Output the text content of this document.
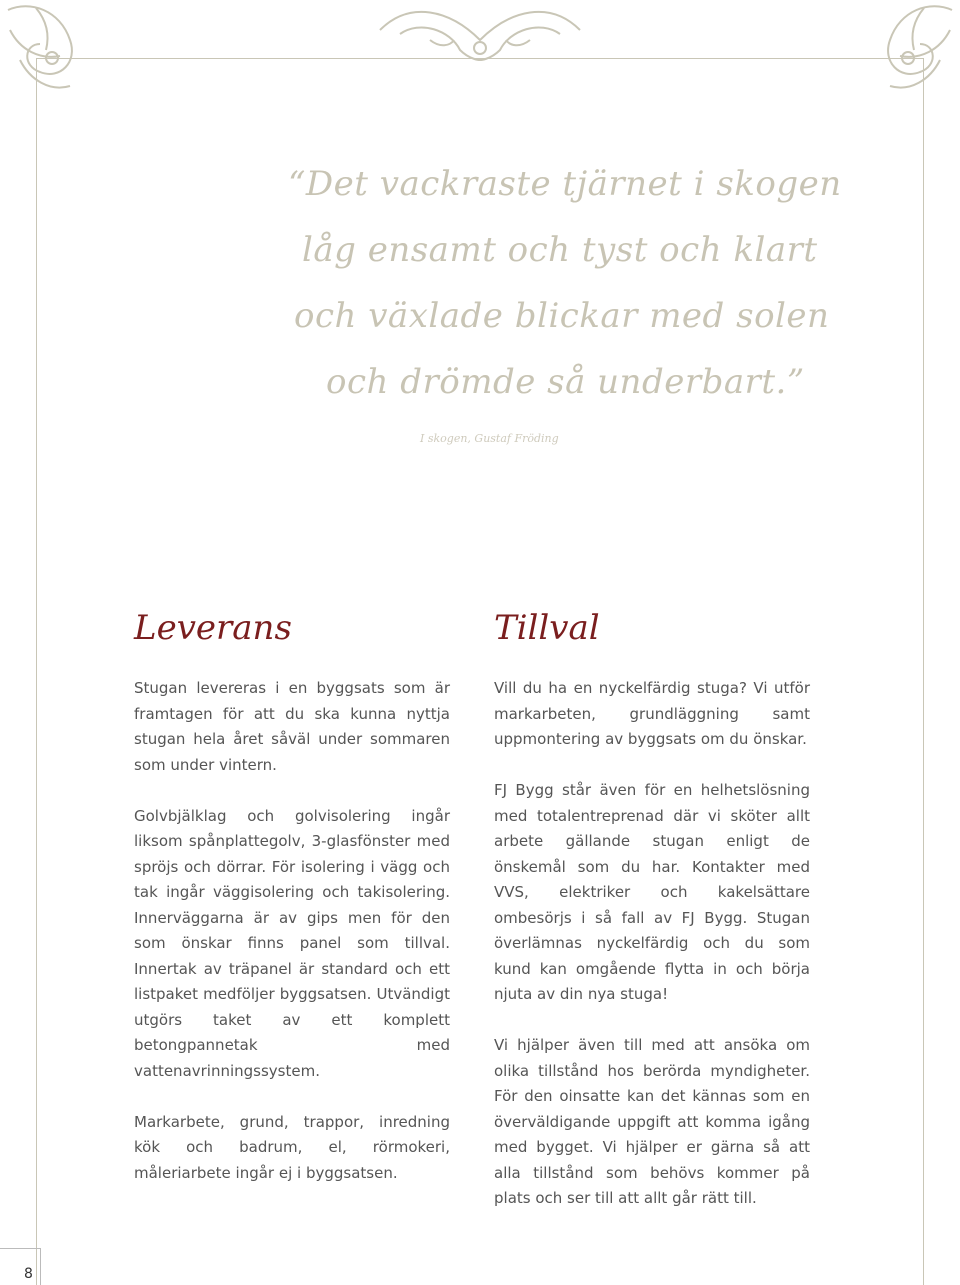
“Det vackraste tjärnet i skogen
låg ensamt och tyst och klart
och växlade blickar med solen
och drömde så underbart.”
I skogen, Gustaf Fröding
Leverans	Tillval

Stugan levereras i en byggsats som är framtagen för att du ska kunna nyttja stugan hela året såväl under sommaren som under vintern.

Golvbjälklag och golvisolering ingår liksom spånplattegolv, 3-glasfönster med spröjs och dörrar. För isolering i vägg och tak ingår väggisolering och takisolering. Innerväggarna är av gips men för den som önskar finns panel som tillval. Innertak av träpanel är standard och ett listpaket medföljer byggsatsen. Utvändigt utgörs taket av ett komplett betongpannetak med vattenavrinningssystem.

Markarbete, grund, trappor, inredning kök och badrum, el, rörmokeri, måleriarbete ingår ej i byggsatsen.

Vill du ha en nyckelfärdig stuga? Vi utför markarbeten, grundläggning samt uppmontering av byggsats om du önskar.

FJ Bygg står även för en helhetslösning med totalentreprenad där vi sköter allt arbete gällande stugan enligt de önskemål som du har. Kontakter med VVS, elektriker och kakelsättare ombesörjs i så fall av FJ Bygg. Stugan överlämnas nyckelfärdig och du som kund kan omgående flytta in och börja njuta av din nya stuga!

Vi hjälper även till med att ansöka om olika tillstånd hos berörda myndigheter. För den oinsatte kan det kännas som en överväldigande uppgift att komma igång med bygget. Vi hjälper er gärna så att alla tillstånd som behövs kommer på plats och ser till att allt går rätt till.

8
